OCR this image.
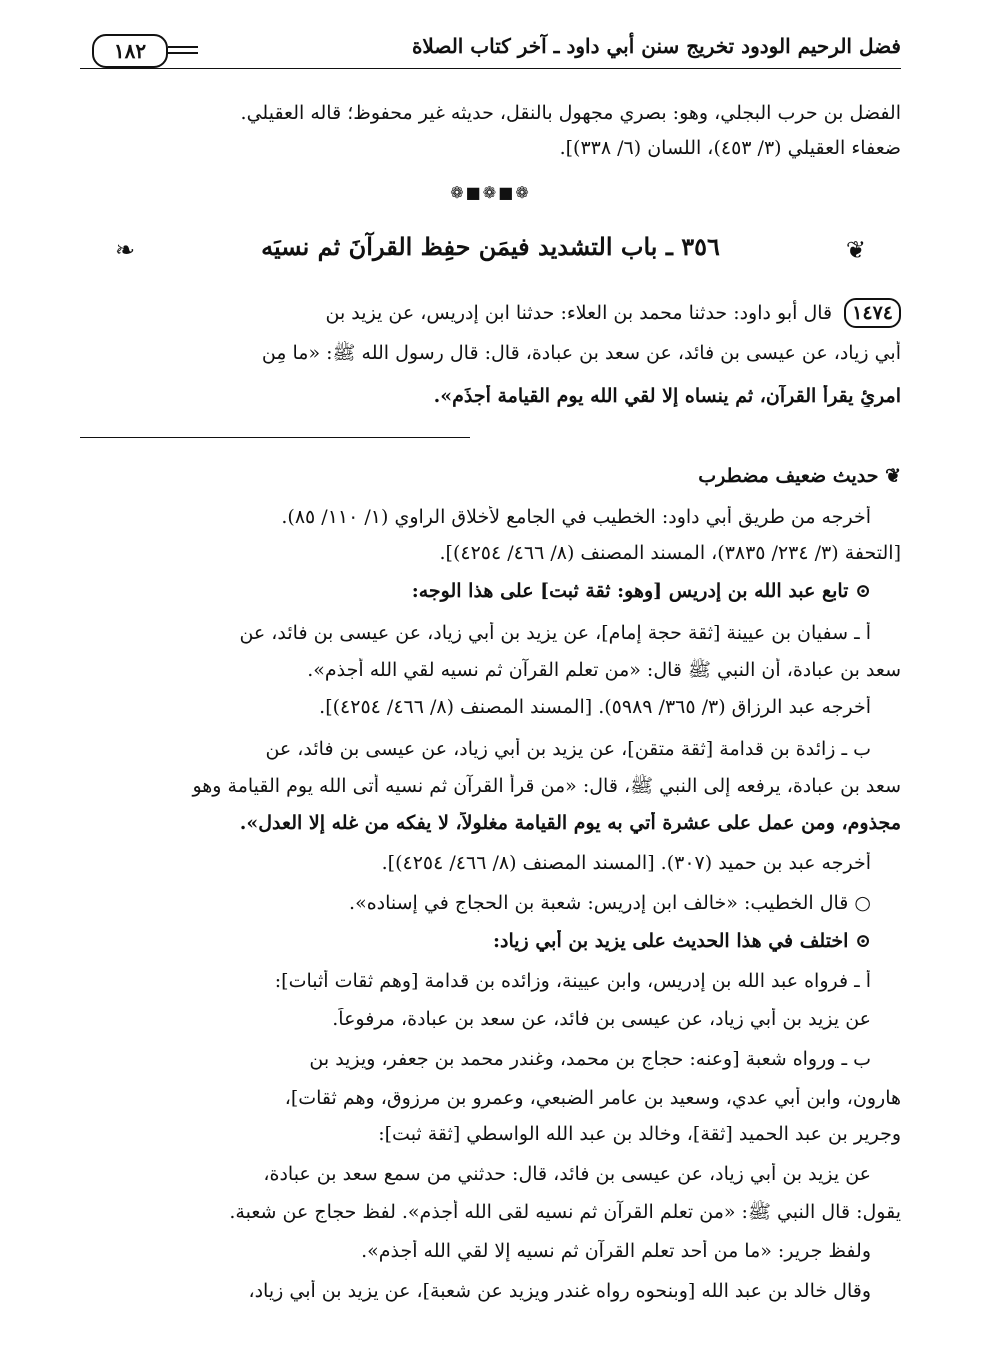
فضل الرحيم الودود تخريج سنن أبي داود ـ آخر كتاب الصلاة
١٨٢
الفضل بن حرب البجلي، وهو: بصري مجهول بالنقل، حديثه غير محفوظ؛ قاله العقيلي.
ضعفاء العقيلي (٣/ ٤٥٣)، اللسان (٦/ ٣٣٨)].
❁■❁■❁
❦
٣٥٦ ـ باب التشديد فيمَن حفِظ القرآنَ ثم نسيَه
❧
١٤٧٤ قال أبو داود: حدثنا محمد بن العلاء: حدثنا ابن إدريس، عن يزيد بن
أبي زياد، عن عيسى بن فائد، عن سعد بن عبادة، قال: قال رسول الله ﷺ: «ما مِن
امرئٍ يقرأ القرآن، ثم ينساه إلا لقي الله يوم القيامة أجذَم».
❦ حديث ضعيف مضطرب
أخرجه من طريق أبي داود: الخطيب في الجامع لأخلاق الراوي (١/ ١١٠/ ٨٥).
[التحفة (٣/ ٢٣٤/ ٣٨٣٥)، المسند المصنف (٨/ ٤٦٦/ ٤٢٥٤)].
⊙ تابع عبد الله بن إدريس [وهو: ثقة ثبت] على هذا الوجه:
أ ـ سفيان بن عيينة [ثقة حجة إمام]، عن يزيد بن أبي زياد، عن عيسى بن فائد، عن
سعد بن عبادة، أن النبي ﷺ قال: «من تعلم القرآن ثم نسيه لقي الله أجذم».
أخرجه عبد الرزاق (٣/ ٣٦٥/ ٥٩٨٩). [المسند المصنف (٨/ ٤٦٦/ ٤٢٥٤)].
ب ـ زائدة بن قدامة [ثقة متقن]، عن يزيد بن أبي زياد، عن عيسى بن فائد، عن
سعد بن عبادة، يرفعه إلى النبي ﷺ، قال: «من قرأ القرآن ثم نسيه أتى الله يوم القيامة وهو
مجذوم، ومن عمل على عشرة أتي به يوم القيامة مغلولاً، لا يفكه من غله إلا العدل».
أخرجه عبد بن حميد (٣٠٧). [المسند المصنف (٨/ ٤٦٦/ ٤٢٥٤)].
○ قال الخطيب: «خالف ابن إدريس: شعبة بن الحجاج في إسناده».
⊙ اختلف في هذا الحديث على يزيد بن أبي زياد:
أ ـ فرواه عبد الله بن إدريس، وابن عيينة، وزائده بن قدامة [وهم ثقات أثبات]:
عن يزيد بن أبي زياد، عن عيسى بن فائد، عن سعد بن عبادة، مرفوعاً.
ب ـ ورواه شعبة [وعنه: حجاج بن محمد، وغندر محمد بن جعفر، ويزيد بن
هارون، وابن أبي عدي، وسعيد بن عامر الضبعي، وعمرو بن مرزوق، وهم ثقات]،
وجرير بن عبد الحميد [ثقة]، وخالد بن عبد الله الواسطي [ثقة ثبت]:
عن يزيد بن أبي زياد، عن عيسى بن فائد، قال: حدثني من سمع سعد بن عبادة،
يقول: قال النبي ﷺ: «من تعلم القرآن ثم نسيه لقى الله أجذم». لفظ حجاج عن شعبة.
ولفظ جرير: «ما من أحد تعلم القرآن ثم نسيه إلا لقي الله أجذم».
وقال خالد بن عبد الله [وبنحوه رواه غندر ويزيد عن شعبة]، عن يزيد بن أبي زياد،
